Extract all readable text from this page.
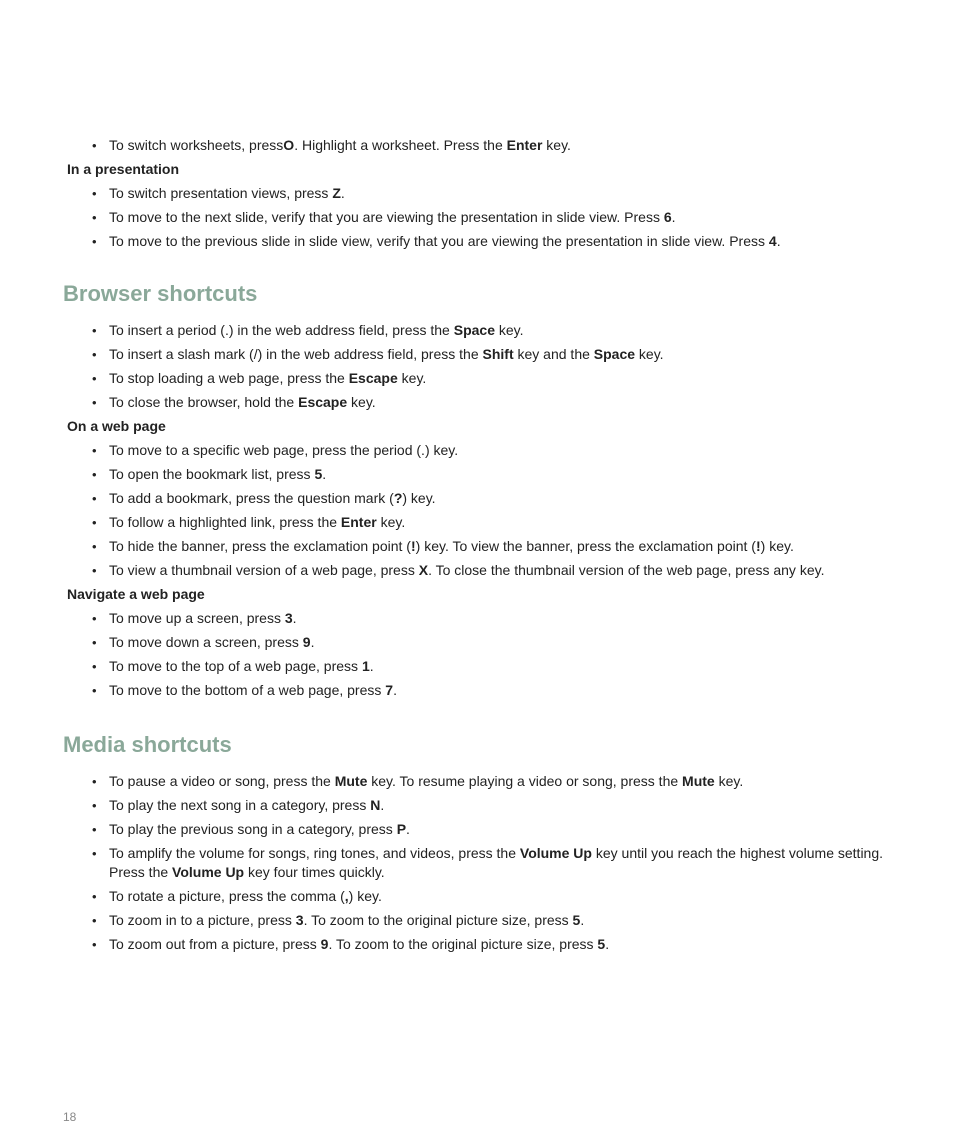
• To switch worksheets, pressO. Highlight a worksheet. Press the Enter key.
In a presentation
• To switch presentation views, press Z.
• To move to the next slide, verify that you are viewing the presentation in slide view. Press 6.
• To move to the previous slide in slide view, verify that you are viewing the presentation in slide view. Press 4.
Browser shortcuts
• To insert a period (.) in the web address field, press the Space key.
• To insert a slash mark (/) in the web address field, press the Shift key and the Space key.
• To stop loading a web page, press the Escape key.
• To close the browser, hold the Escape key.
On a web page
• To move to a specific web page, press the period (.) key.
• To open the bookmark list, press 5.
• To add a bookmark, press the question mark (?) key.
• To follow a highlighted link, press the Enter key.
• To hide the banner, press the exclamation point (!) key. To view the banner, press the exclamation point (!) key.
• To view a thumbnail version of a web page, press X. To close the thumbnail version of the web page, press any key.
Navigate a web page
• To move up a screen, press 3.
• To move down a screen, press 9.
• To move to the top of a web page, press 1.
• To move to the bottom of a web page, press 7.
Media shortcuts
• To pause a video or song, press the Mute key. To resume playing a video or song, press the Mute key.
• To play the next song in a category, press N.
• To play the previous song in a category, press P.
• To amplify the volume for songs, ring tones, and videos, press the Volume Up key until you reach the highest volume setting. Press the Volume Up key four times quickly.
• To rotate a picture, press the comma (,) key.
• To zoom in to a picture, press 3. To zoom to the original picture size, press 5.
• To zoom out from a picture, press 9. To zoom to the original picture size, press 5.
18
